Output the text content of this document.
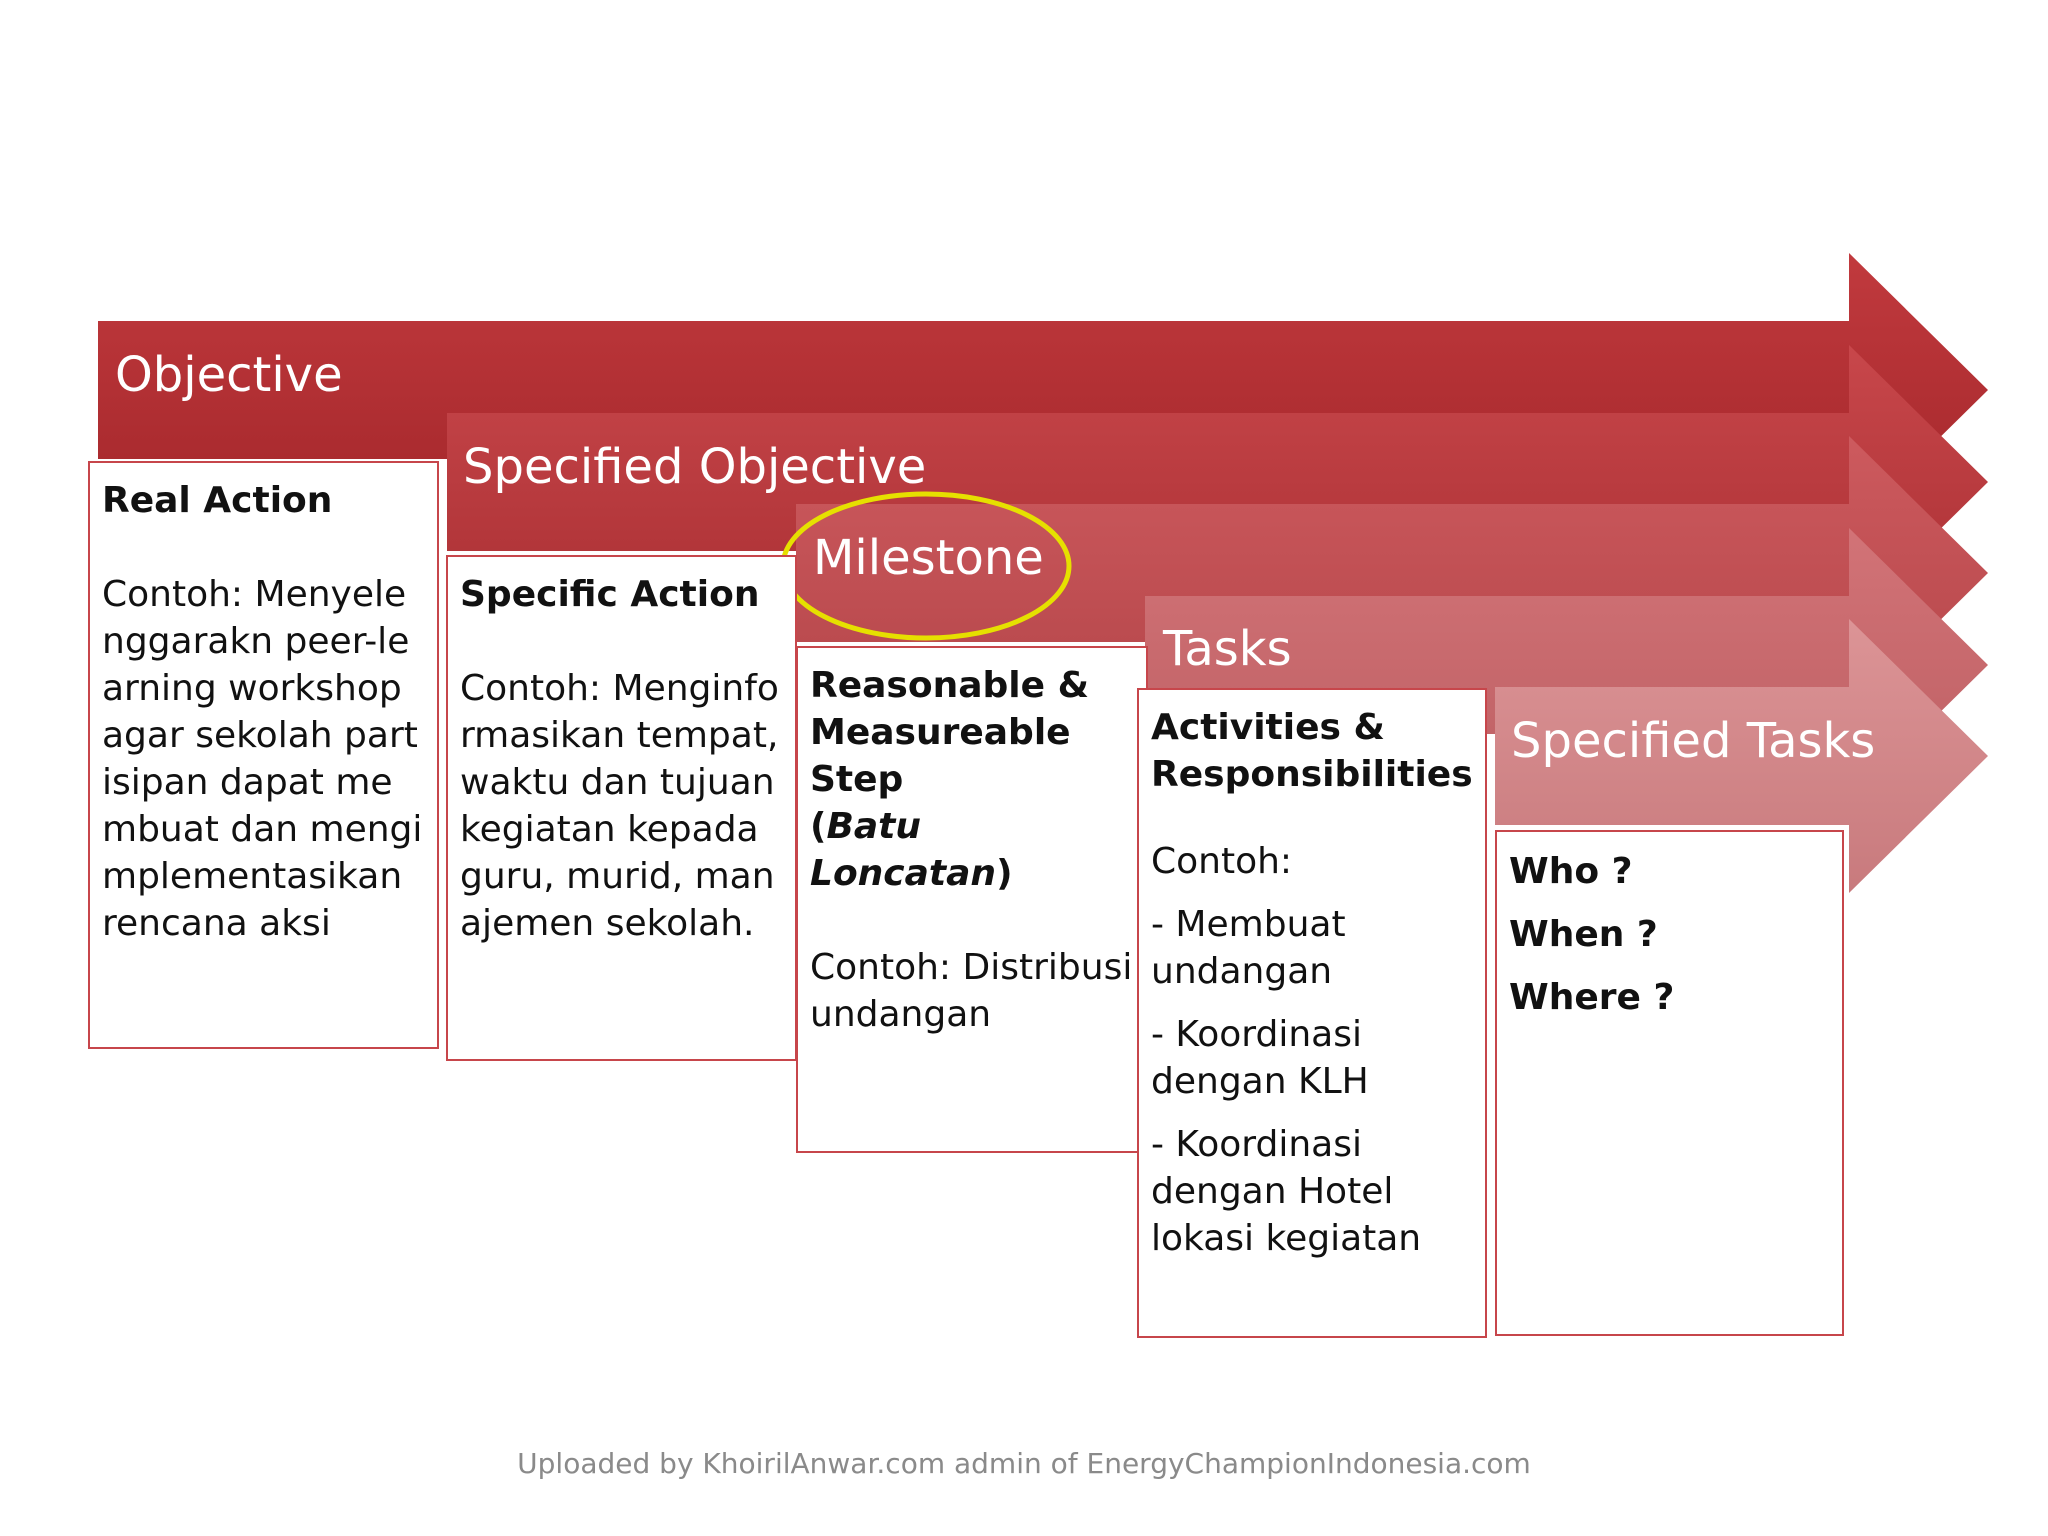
Objective
Specified Objective
Milestone
Tasks
Specified Tasks
Real Action
Contoh: Menyelenggarakn peer-learning workshop agar sekolah partisipan dapat membuat dan mengimplementasikan rencana aksi
Specific Action
Contoh: Menginformasikan tempat, waktu dan tujuan kegiatan kepada guru, murid, manajemen sekolah.
Reasonable &
Measureable Step
(Batu Loncatan)
Contoh: Distribusi undangan
Activities &
Responsibilities
Contoh:
- Membuat undangan
- Koordinasi dengan KLH
- Koordinasi dengan Hotel lokasi kegiatan
Who ?
When ?
Where ?
Uploaded by KhoirilAnwar.com admin of EnergyChampionIndonesia.com
